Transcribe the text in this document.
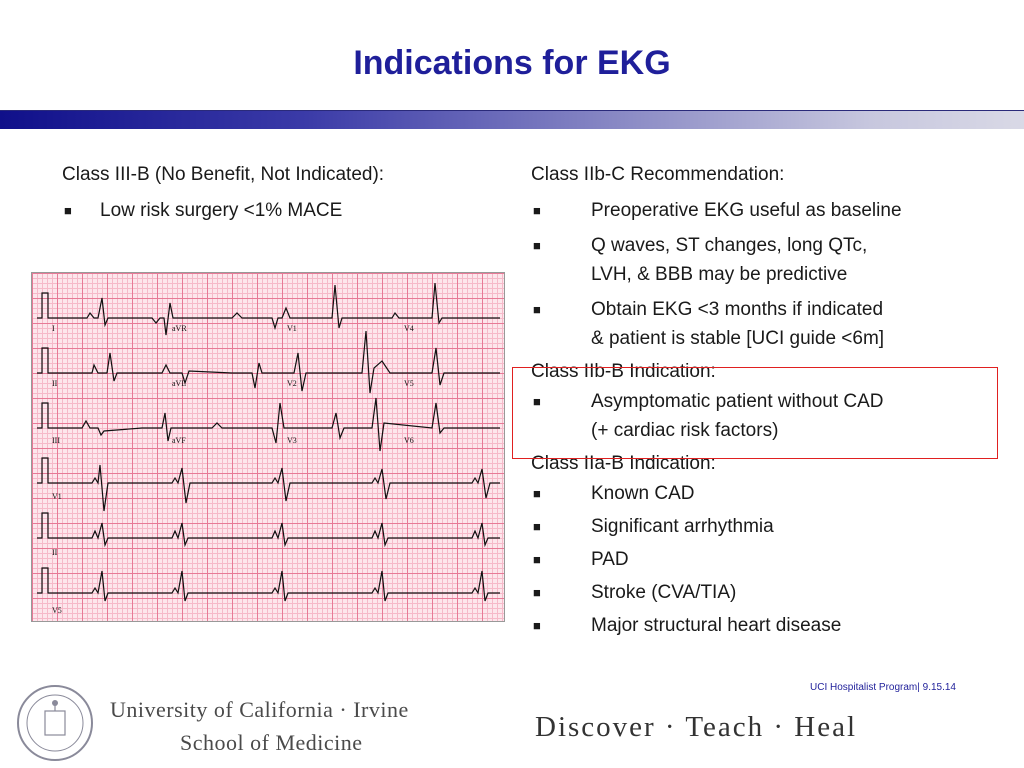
Indications for EKG
Class III-B (No Benefit, Not Indicated):
■ Low risk surgery <1% MACE
I	aVR	V1	V4
II	aVL	V2	V5
III	aVF	V3	V6
V1
II
V5
Class IIb-C Recommendation:
■	Preoperative EKG useful as baseline
■	Q waves, ST changes, long QTc,
LVH, & BBB may be predictive
■	Obtain EKG <3 months if indicated
& patient is stable [UCI guide <6m]
Class IIb-B Indication:
■	Asymptomatic patient without CAD
(+ cardiac risk factors)
Class IIa-B Indication:
■	Known CAD
■	Significant arrhythmia
■	PAD
■	Stroke (CVA/TIA)
■	Major structural heart disease
UCI Hospitalist Program| 9.15.14
University of California · Irvine
School of Medicine	Discover · Teach · Heal
